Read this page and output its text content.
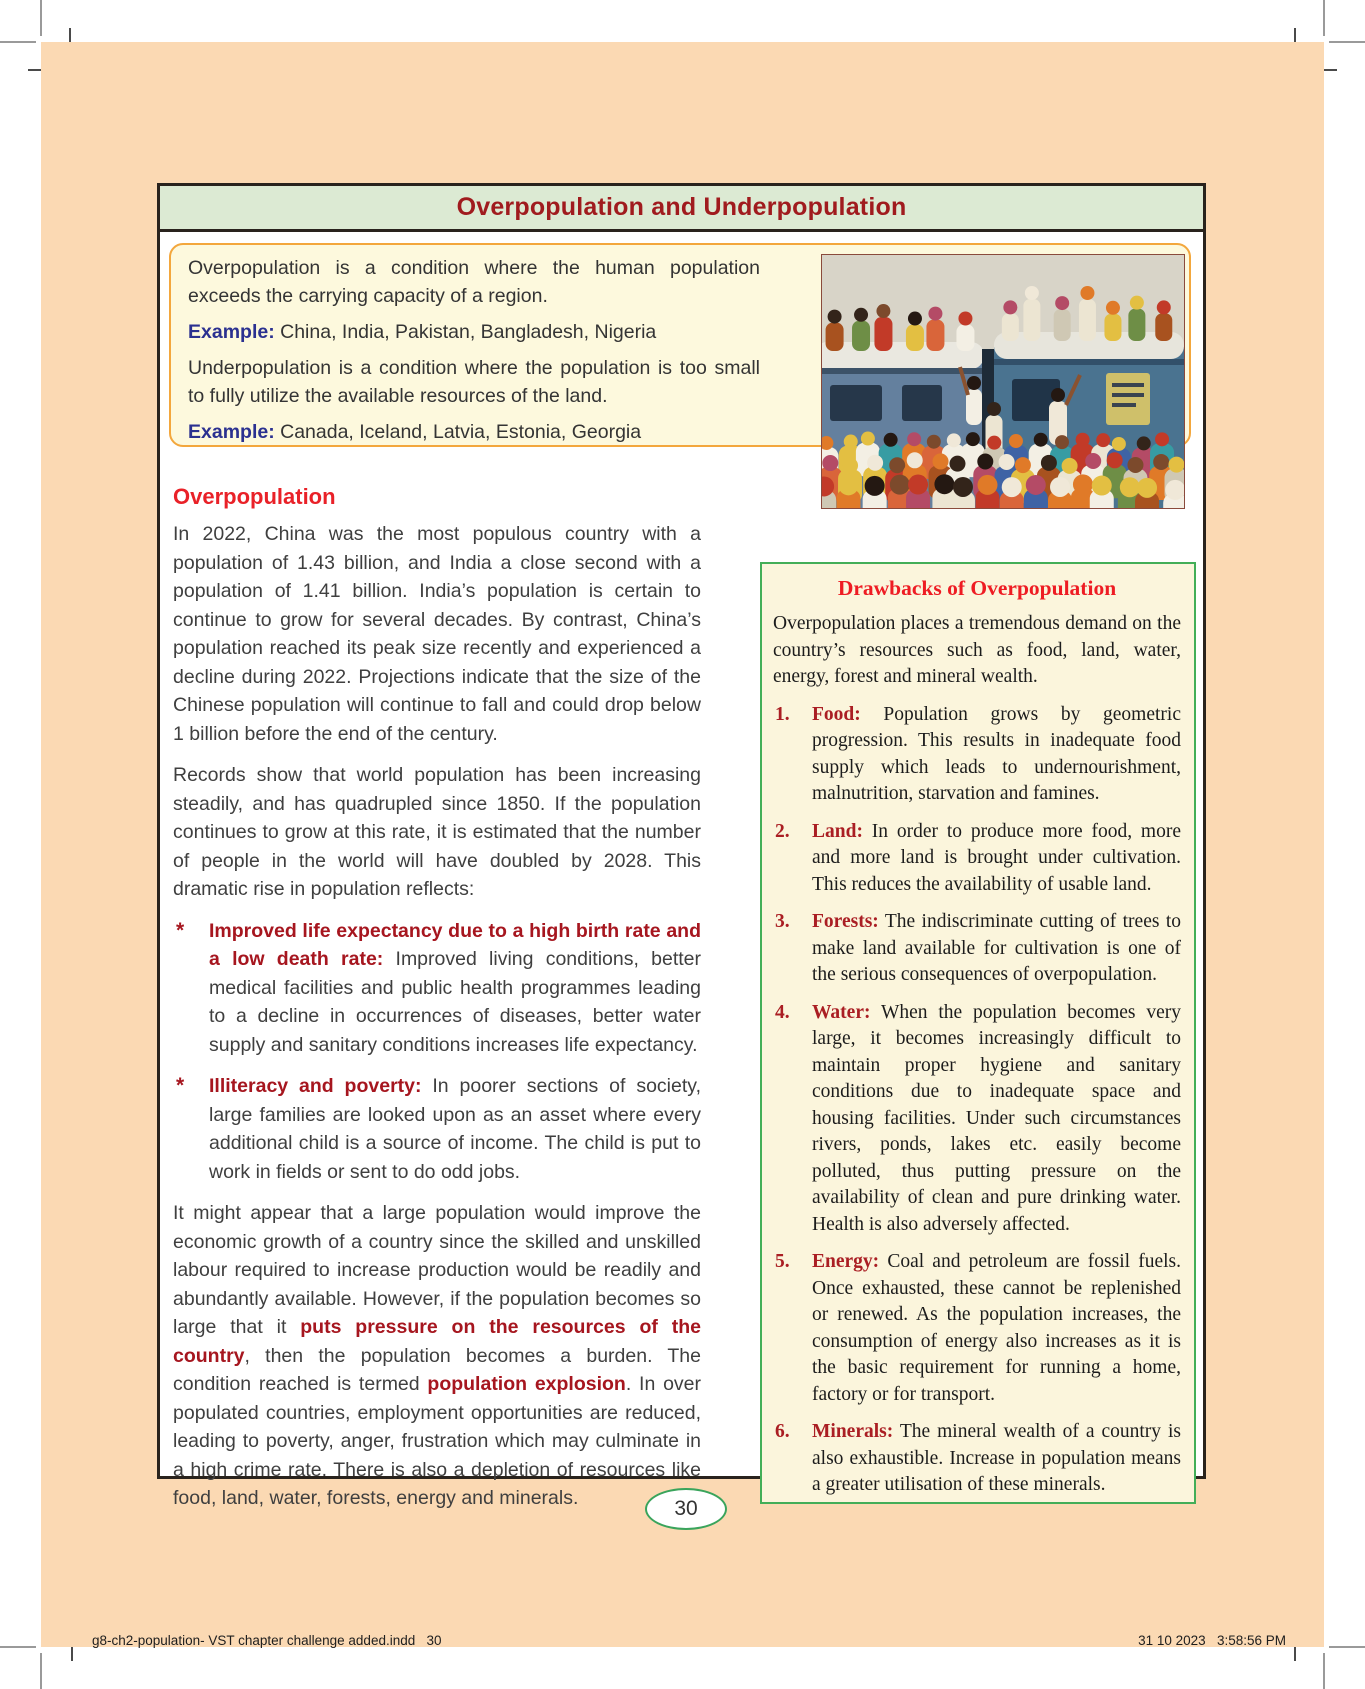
Overpopulation and Underpopulation

Overpopulation is a condition where the human population exceeds the carrying capacity of a region.

Example: China, India, Pakistan, Bangladesh, Nigeria

Underpopulation is a condition where the population is too small to fully utilize the available resources of the land.

Example: Canada, Iceland, Latvia, Estonia, Georgia

Overpopulation

In 2022, China was the most populous country with a population of 1.43 billion, and India a close second with a population of 1.41 billion. India’s population is certain to continue to grow for several decades. By contrast, China’s population reached its peak size recently and experienced a decline during 2022. Projections indicate that the size of the Chinese population will continue to fall and could drop below 1 billion before the end of the century.

Records show that world population has been increasing steadily, and has quadrupled since 1850. If the population continues to grow at this rate, it is estimated that the number of people in the world will have doubled by 2028. This dramatic rise in population reflects:

*	Improved life expectancy due to a high birth rate and a low death rate: Improved living conditions, better medical facilities and public health programmes leading to a decline in occurrences of diseases, better water supply and sanitary conditions increases life expectancy.
*	Illiteracy and poverty: In poorer sections of society, large families are looked upon as an asset where every additional child is a source of income. The child is put to work in fields or sent to do odd jobs.

It might appear that a large population would improve the economic growth of a country since the skilled and unskilled labour required to increase production would be readily and abundantly available. However, if the population becomes so large that it puts pressure on the resources of the country, then the population becomes a burden. The condition reached is termed population explosion. In over populated countries, employment opportunities are reduced, leading to poverty, anger, frustration which may culminate in a high crime rate. There is also a depletion of resources like food, land, water, forests, energy and minerals.

Drawbacks of Overpopulation
Overpopulation places a tremendous demand on the country’s resources such as food, land, water, energy, forest and mineral wealth.
1.	Food: Population grows by geometric progression. This results in inadequate food supply which leads to undernourishment, malnutrition, starvation and famines.
2.	Land: In order to produce more food, more and more land is brought under cultivation. This reduces the availability of usable land.
3.	Forests: The indiscriminate cutting of trees to make land available for cultivation is one of the serious consequences of overpopulation.
4.	Water: When the population becomes very large, it becomes increasingly difficult to maintain proper hygiene and sanitary conditions due to inadequate space and housing facilities. Under such circumstances rivers, ponds, lakes etc. easily become polluted, thus putting pressure on the availability of clean and pure drinking water. Health is also adversely affected.
5.	Energy: Coal and petroleum are fossil fuels. Once exhausted, these cannot be replenished or renewed. As the population increases, the consumption of energy also increases as it is the basic requirement for running a home, factory or for transport.
6.	Minerals: The mineral wealth of a country is also exhaustible. Increase in population means a greater utilisation of these minerals.
30
g8-ch2-population- VST chapter challenge added.indd   30	31 10 2023   3:58:56 PM
